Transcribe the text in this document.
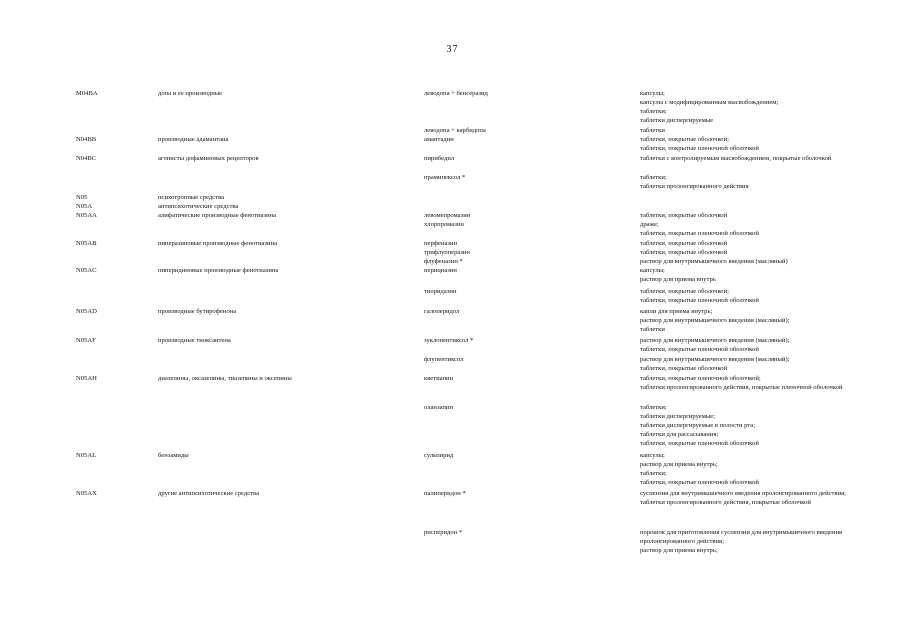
37
M04BA	допа и ее производные	леводопа + бенсеразид	капсулы;
капсулы с модифицированным высвобождением;
таблетки;
таблетки диспергируемые
леводопа + карбидопа	таблетки
N04BB	производные адамантана	амантадин	таблетки, покрытые оболочкой;
таблетки, покрытые пленочной оболочкой
N04BC	агонисты дофаминовых рецепторов	пирибедил	таблетки с контролируемым высвобождением, покрытые оболочкой
прамипексол *	таблетки;
таблетки пролонгированного действия
N05	психотропные средства
N05A	антипсихотические средства
N05AA	алифатические производные фенотиазина	левомепромазин	таблетки, покрытые оболочкой
хлорпромазин	драже;
таблетки, покрытые пленочной оболочкой
N05AB	пиперазиновые производные фенотиазина	перфеназин	таблетки, покрытые оболочкой
трифлуоперазин	таблетки, покрытые оболочкой
флуфеназин *	раствор для внутримышечного введения (масляный)
N05AC	пиперидиновые производные фенотиазина	перициазин	капсулы;
раствор для приема внутрь
тиоридазин	таблетки, покрытые оболочкой;
таблетки, покрытые пленочной оболочкой
N05AD	производные бутирофенона	галоперидол	капли для приема внутрь;
раствор для внутримышечного введения (масляный);
таблетки
N05AF	производные тиоксантена	зуклопентиксол *	раствор для внутримышечного введения (масляный);
таблетки, покрытые пленочной оболочкой
флупентиксол	раствор для внутримышечного введения (масляный);
таблетки, покрытые оболочкой
N05AH	диазепины, оксазепины, тиазепины и оксепины	кветиапин	таблетки, покрытые пленочной оболочкой;
таблетки пролонгированного действия, покрытые пленочной оболочкой
оланзапин	таблетки;
таблетки диспергируемые;
таблетки диспергируемые в полости рта;
таблетки для рассасывания;
таблетки, покрытые пленочной оболочкой
N05AL	бензамиды	сульпирид	капсулы;
раствор для приема внутрь;
таблетки;
таблетки, покрытые пленочной оболочкой
N05AX	другие антипсихотические средства	палиперидон *	суспензия для внутримышечного введения пролонгированного действия;
таблетки пролонгированного действия, покрытые оболочкой
рисперидон *	порошок для приготовления суспензии для внутримышечного введения пролонгированного действия;
раствор для приема внутрь;
